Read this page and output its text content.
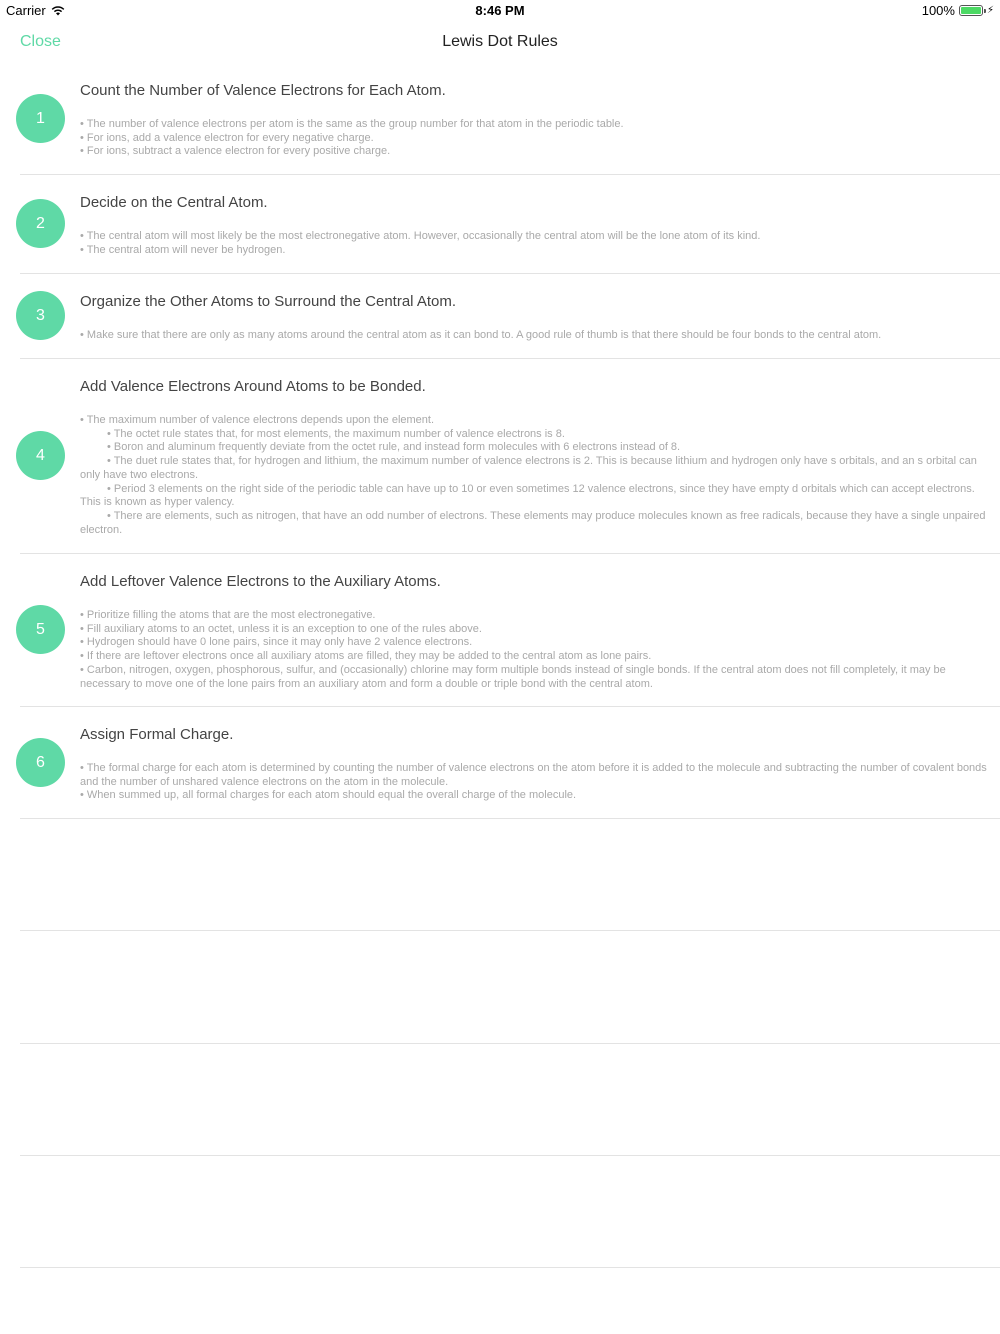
Carrier	8:46 PM	100%	⚡
Close	Lewis Dot Rules
1
Count the Number of Valence Electrons for Each Atom.
• The number of valence electrons per atom is the same as the group number for that atom in the periodic table.
• For ions, add a valence electron for every negative charge.
• For ions, subtract a valence electron for every positive charge.
2
Decide on the Central Atom.
• The central atom will most likely be the most electronegative atom. However, occasionally the central atom will be the lone atom of its kind.
• The central atom will never be hydrogen.
3
Organize the Other Atoms to Surround the Central Atom.
• Make sure that there are only as many atoms around the central atom as it can bond to. A good rule of thumb is that there should be four bonds to the central atom.
4
Add Valence Electrons Around Atoms to be Bonded.
• The maximum number of valence electrons depends upon the element.
• The octet rule states that, for most elements, the maximum number of valence electrons is 8.
• Boron and aluminum frequently deviate from the octet rule, and instead form molecules with 6 electrons instead of 8.
• The duet rule states that, for hydrogen and lithium, the maximum number of valence electrons is 2. This is because lithium and hydrogen only have s orbitals, and an s orbital can only have two electrons.
• Period 3 elements on the right side of the periodic table can have up to 10 or even sometimes 12 valence electrons, since they have empty d orbitals which can accept electrons. This is known as hyper valency.
• There are elements, such as nitrogen, that have an odd number of electrons. These elements may produce molecules known as free radicals, because they have a single unpaired electron.
5
Add Leftover Valence Electrons to the Auxiliary Atoms.
• Prioritize filling the atoms that are the most electronegative.
• Fill auxiliary atoms to an octet, unless it is an exception to one of the rules above.
• Hydrogen should have 0 lone pairs, since it may only have 2 valence electrons.
• If there are leftover electrons once all auxiliary atoms are filled, they may be added to the central atom as lone pairs.
• Carbon, nitrogen, oxygen, phosphorous, sulfur, and (occasionally) chlorine may form multiple bonds instead of single bonds. If the central atom does not fill completely, it may be necessary to move one of the lone pairs from an auxiliary atom and form a double or triple bond with the central atom.
6
Assign Formal Charge.
• The formal charge for each atom is determined by counting the number of valence electrons on the atom before it is added to the molecule and subtracting the number of covalent bonds and the number of unshared valence electrons on the atom in the molecule.
• When summed up, all formal charges for each atom should equal the overall charge of the molecule.
